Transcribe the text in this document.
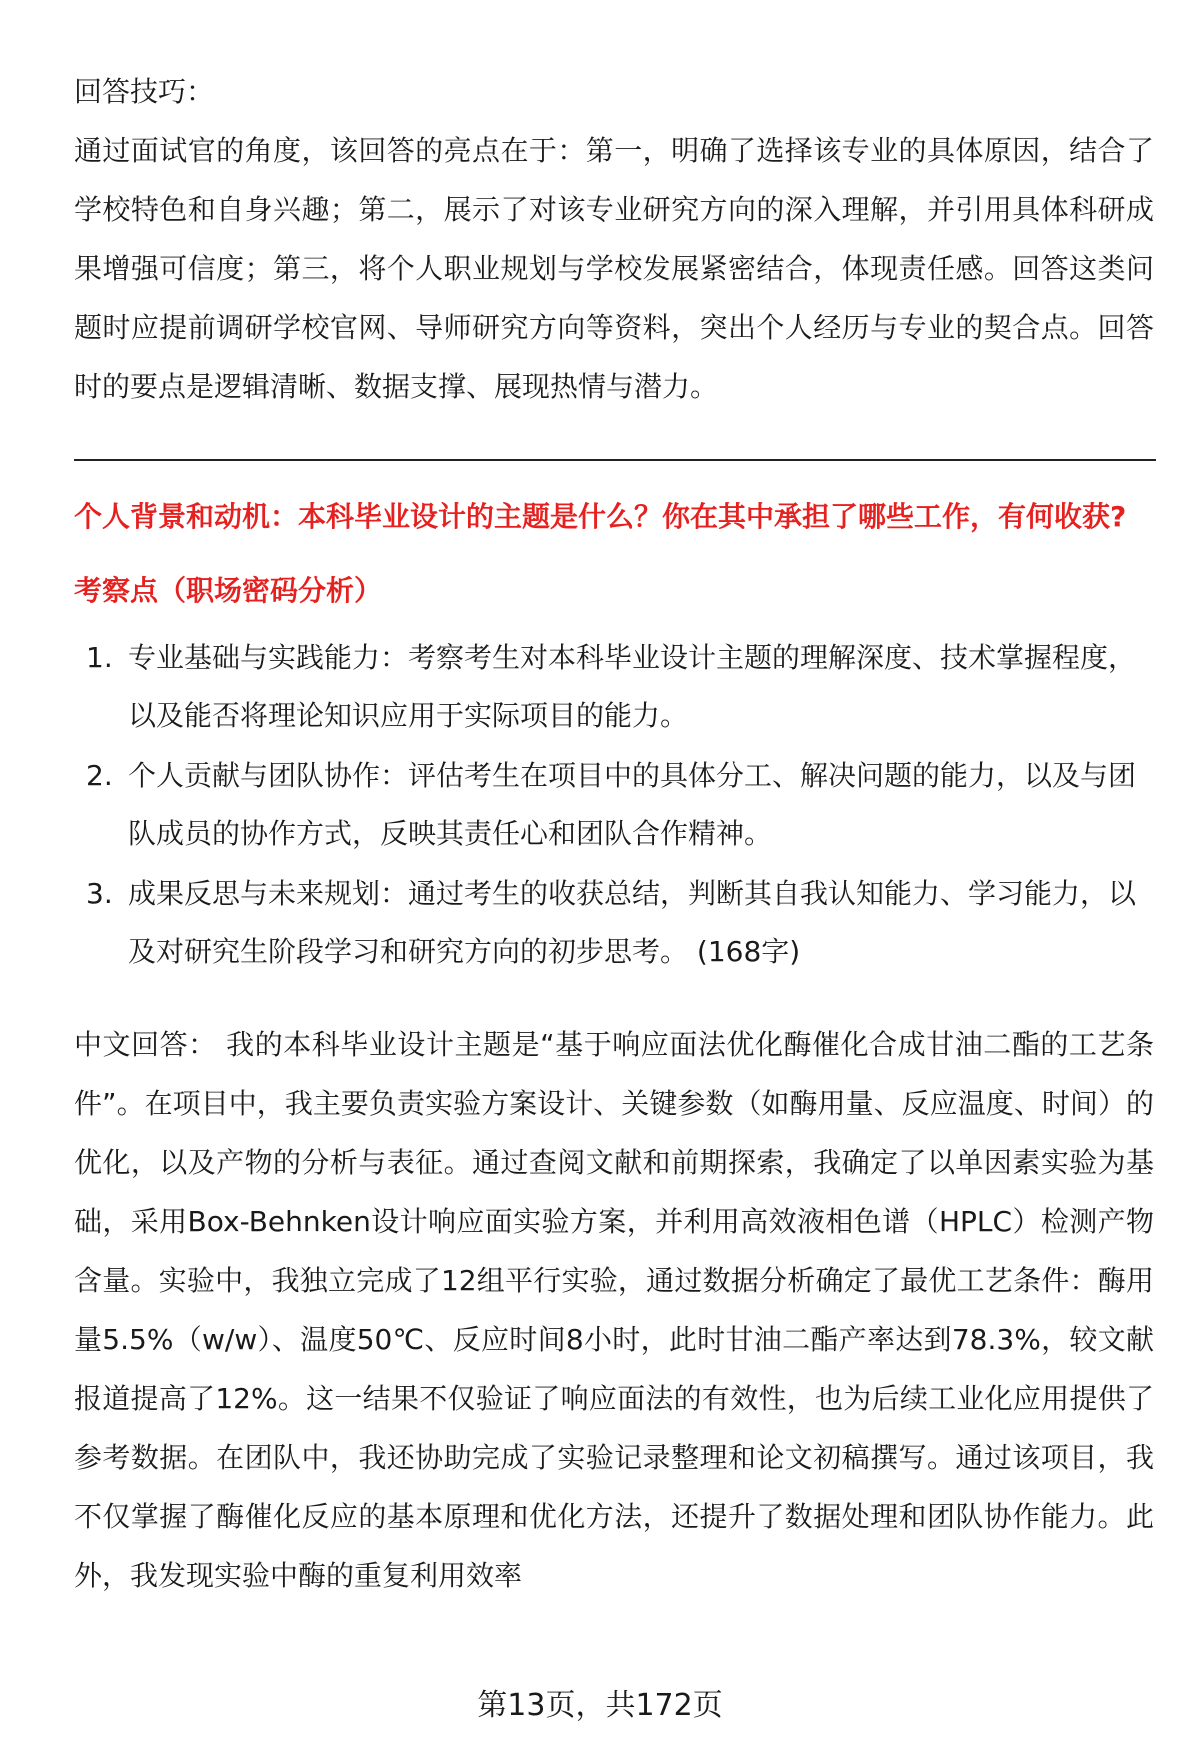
回答技巧：

通过面试官的角度，该回答的亮点在于：第一，明确了选择该专业的具体原因，结合了学校特色和自身兴趣；第二，展示了对该专业研究方向的深入理解，并引用具体科研成果增强可信度；第三，将个人职业规划与学校发展紧密结合，体现责任感。回答这类问题时应提前调研学校官网、导师研究方向等资料，突出个人经历与专业的契合点。回答时的要点是逻辑清晰、数据支撑、展现热情与潜力。

个人背景和动机：本科毕业设计的主题是什么？你在其中承担了哪些工作，有何收获?

考察点（职场密码分析）

1. 专业基础与实践能力：考察考生对本科毕业设计主题的理解深度、技术掌握程度，以及能否将理论知识应用于实际项目的能力。
2. 个人贡献与团队协作：评估考生在项目中的具体分工、解决问题的能力，以及与团队成员的协作方式，反映其责任心和团队合作精神。
3. 成果反思与未来规划：通过考生的收获总结，判断其自我认知能力、学习能力，以及对研究生阶段学习和研究方向的初步思考。 (168字)

中文回答： 我的本科毕业设计主题是“基于响应面法优化酶催化合成甘油二酯的工艺条件”。在项目中，我主要负责实验方案设计、关键参数（如酶用量、反应温度、时间）的优化，以及产物的分析与表征。通过查阅文献和前期探索，我确定了以单因素实验为基础，采用Box-Behnken设计响应面实验方案，并利用高效液相色谱（HPLC）检测产物含量。实验中，我独立完成了12组平行实验，通过数据分析确定了最优工艺条件：酶用量5.5%（w/w）、温度50℃、反应时间8小时，此时甘油二酯产率达到78.3%，较文献报道提高了12%。这一结果不仅验证了响应面法的有效性，也为后续工业化应用提供了参考数据。在团队中，我还协助完成了实验记录整理和论文初稿撰写。通过该项目，我不仅掌握了酶催化反应的基本原理和优化方法，还提升了数据处理和团队协作能力。此外，我发现实验中酶的重复利用效率

第13页，共172页
